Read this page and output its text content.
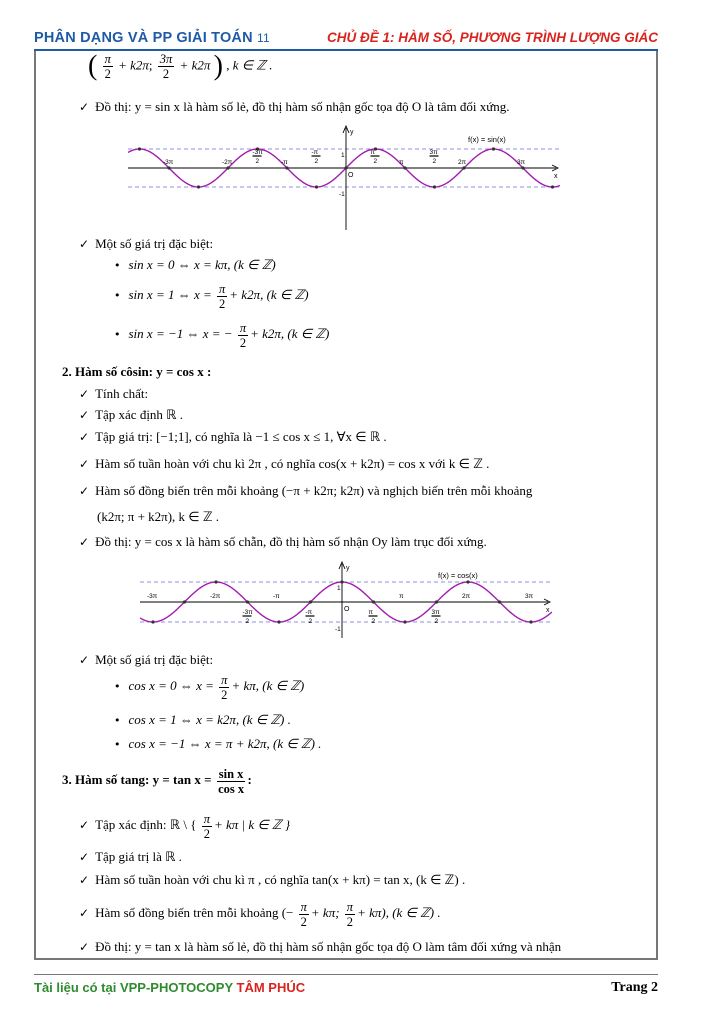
PHÂN DẠNG VÀ PP GIẢI TOÁN 11	CHỦ ĐỀ 1: HÀM SỐ, PHƯƠNG TRÌNH LƯỢNG GIÁC
( $\frac{\pi}{2} + k2\pi$; $\frac{3\pi}{2} + k2\pi$ ) , k ∈ ℤ .
✓ Đồ thị: y = sin x là hàm số lẻ, đồ thị hàm số nhận gốc tọa độ O là tâm đối xứng.
x
y
O
1
-1
-3π	-2π	-π	π	2π	3π
-3π
2
-π
2
π
2
3π
2
f(x) = sin(x)
✓ Một số giá trị đặc biệt:
• sin x = 0 ⇔ x = kπ, (k ∈ ℤ)
• sin x = 1 ⇔ $x = \frac{\pi}{2} + k2\pi$, (k ∈ ℤ)
• sin x = −1 ⇔ x = − $\frac{\pi}{2} + k2\pi$, (k ∈ ℤ)
2. Hàm số côsin: y = cos x :
✓ Tính chất:
✓ Tập xác định ℝ .
✓ Tập giá trị: [−1;1], có nghĩa là −1 ≤ cos x ≤ 1, ∀x ∈ ℝ .
✓ Hàm số tuần hoàn với chu kì 2π , có nghĩa cos(x + k2π) = cos x với k ∈ ℤ .
✓ Hàm số đồng biến trên mỗi khoảng (−π + k2π; k2π) và nghịch biến trên mỗi khoảng
(k2π; π + k2π), k ∈ ℤ .
✓ Đồ thị: y = cos x là hàm số chẵn, đồ thị hàm số nhận Oy làm trục đối xứng.
x
y
O
1
-1
-3π	-2π	-π	π	2π	3π
-3π
2
-π
2
π
2
3π
2
f(x) = cos(x)
✓ Một số giá trị đặc biệt:
• cos x = 0 ⇔ $x = \frac{\pi}{2} + k\pi$, (k ∈ ℤ)
• cos x = 1 ⇔ x = k2π, (k ∈ ℤ) .
• cos x = −1 ⇔ x = π + k2π, (k ∈ ℤ) .
3. Hàm số tang: $y = \tan x = \frac{\text{sin x}}{\text{cos x}}$ :
✓ Tập xác định: ℝ \ { $\frac{\pi}{2} + k\pi$ | k ∈ ℤ }
✓ Tập giá trị là ℝ .
✓ Hàm số tuần hoàn với chu kì π , có nghĩa tan(x + kπ) = tan x, (k ∈ ℤ) .
✓ Hàm số đồng biến trên mỗi khoảng (− $\frac{\pi}{2} + k\pi$; $\frac{\pi}{2} + k\pi$), (k ∈ ℤ) .
✓ Đồ thị: y = tan x là hàm số lẻ, đồ thị hàm số nhận gốc tọa độ O làm tâm đối xứng và nhận
Tài liệu có tại VPP-PHOTOCOPY TÂM PHÚC	Trang 2
